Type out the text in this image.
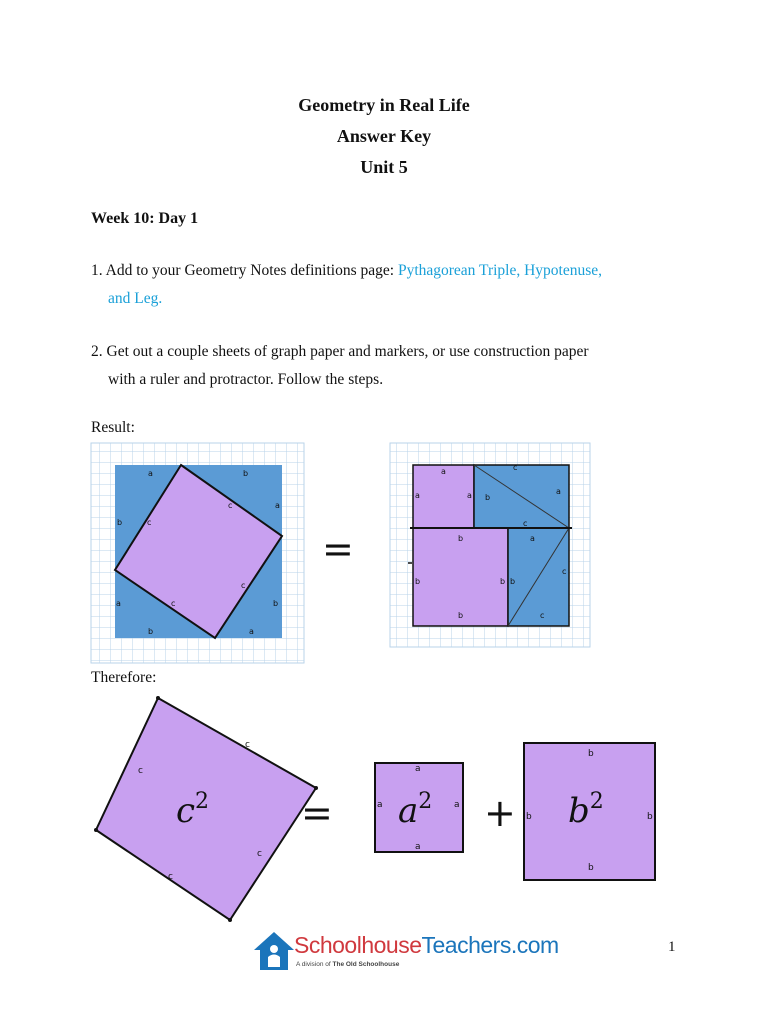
Geometry in Real Life
Answer Key
Unit 5
Week 10: Day 1
1. Add to your Geometry Notes definitions page: Pythagorean Triple, Hypotenuse,
and Leg.
2. Get out a couple sheets of graph paper and markers, or use construction paper
with a ruler and protractor. Follow the steps.
Result:
Therefore:
a	b
a
b	c
c
c
c
a	b
b	a
=
a
a	a
c
a
b
c
b	a
b	b b
c
b	c
c
c
c
c
$c^2$ =
a
a	a
a
$a^2$ +
b
b	b
b
$b^2$
SchoolhouseTeachers.com
A division of The Old Schoolhouse
1
